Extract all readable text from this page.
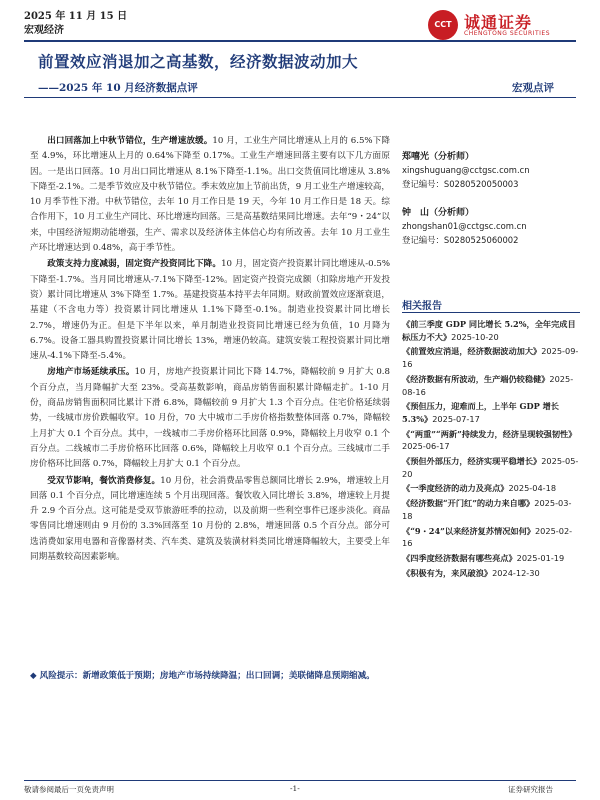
2025 年 11 月 15 日
宏观经济
CCT 诚通证券
CHENGTONG SECURITIES
前置效应消退加之高基数，经济数据波动加大
——2025 年 10 月经济数据点评	宏观点评

出口回落加上中秋节错位，生产增速放缓。10 月，工业生产同比增速从上月的 6.5%下降至 4.9%，环比增速从上月的 0.64%下降至 0.17%。工业生产增速回落主要有以下几方面原因。一是出口回落。10 月出口同比增速从 8.1%下降至-1.1%。出口交货值同比增速从 3.8%下降至-2.1%。二是季节效应及中秋节错位。季末效应加上节前出货，9 月工业生产增速较高，10 月季节性下滑。中秋节错位，去年 10 月工作日是 19 天，今年 10 月工作日是 18 天。综合作用下，10 月工业生产同比、环比增速均回落。三是高基数结果同比增速。去年“9・24”以来，中国经济短期动能增强，生产、需求以及经济体主体信心均有所改善。去年 10 月工业生产环比增速达到 0.48%，高于季节性。

政策支持力度减弱，固定资产投资同比下降。10 月，固定资产投资累计同比增速从-0.5%下降至-1.7%。当月同比增速从-7.1%下降至-12%。固定资产投资完成额（扣除房地产开发投资）累计同比增速从 3%下降至 1.7%。基建投资基本持平去年同期。财政前置效应逐渐衰退，基建（不含电力等）投资累计同比增速从 1.1%下降至-0.1%。制造业投资累计同比增长 2.7%，增速仍为正。但是下半年以来，单月制造业投资同比增速已经为负值，10 月降为 6.7%。设备工器具购置投资累计同比增长 13%，增速仍较高。建筑安装工程投资累计同比增速从-4.1%下降至-5.4%。

房地产市场延续承压。10 月，房地产投资累计同比下降 14.7%，降幅较前 9 月扩大 0.8 个百分点，当月降幅扩大至 23%。受高基数影响，商品房销售面积累计降幅走扩。1-10 月份，商品房销售面积同比累计下滑 6.8%，降幅较前 9 月扩大 1.3 个百分点。住宅价格延续弱势，一线城市房价跌幅收窄。10 月份，70 大中城市二手房价格指数整体回落 0.7%，降幅较上月扩大 0.1 个百分点。其中，一线城市二手房价格环比回落 0.9%，降幅较上月收窄 0.1 个百分点。二线城市二手房价格环比回落 0.6%，降幅较上月收窄 0.1 个百分点。三线城市二手房价格环比回落 0.7%，降幅较上月扩大 0.1 个百分点。

受双节影响，餐饮消费修复。10 月份，社会消费品零售总额同比增长 2.9%，增速较上月回落 0.1 个百分点，同比增速连续 5 个月出现回落。餐饮收入同比增长 3.8%，增速较上月提升 2.9 个百分点。这可能是受双节旅游旺季的拉动，以及前期一些利空事件已逐步淡化。商品零售同比增速则由 9 月份的 3.3%回落至 10 月份的 2.8%，增速回落 0.5 个百分点。部分可选消费如家用电器和音像器材类、汽车类、建筑及装潢材料类同比增速降幅较大，主要受上年同期基数较高因素影响。

◆ 风险提示：新增政策低于预期；房地产市场持续降温；出口回调；美联储降息预期缩减。
郑嘻光（分析师）
xingshuguang@cctgsc.com.cn
登记编号：S0280520050003
钟　山（分析师）
zhongshan01@cctgsc.com.cn
登记编号：S0280525060002
相关报告
《前三季度 GDP 同比增长 5.2%，全年完成目标压力不大》2025-10-20
《前置效应消退，经济数据波动加大》2025-09-16
《经济数据有所波动，生产端仍较稳健》2025-08-16
《预但压力，迎难而上，上半年 GDP 增长 5.3%》2025-07-17
《“两重”“两新”持续发力，经济呈现较强韧性》2025-06-17
《预但外部压力，经济实现平稳增长》2025-05-20
《一季度经济的动力及亮点》2025-04-18
《经济数据“开门红”的动力来自哪》2025-03-18
《“9・24”以来经济复苏情况如何》2025-02-16
《四季度经济数据有哪些亮点》2025-01-19
《积极有为，来风破浪》2024-12-30
敬请参阅最后一页免责声明	-1-	证券研究报告
